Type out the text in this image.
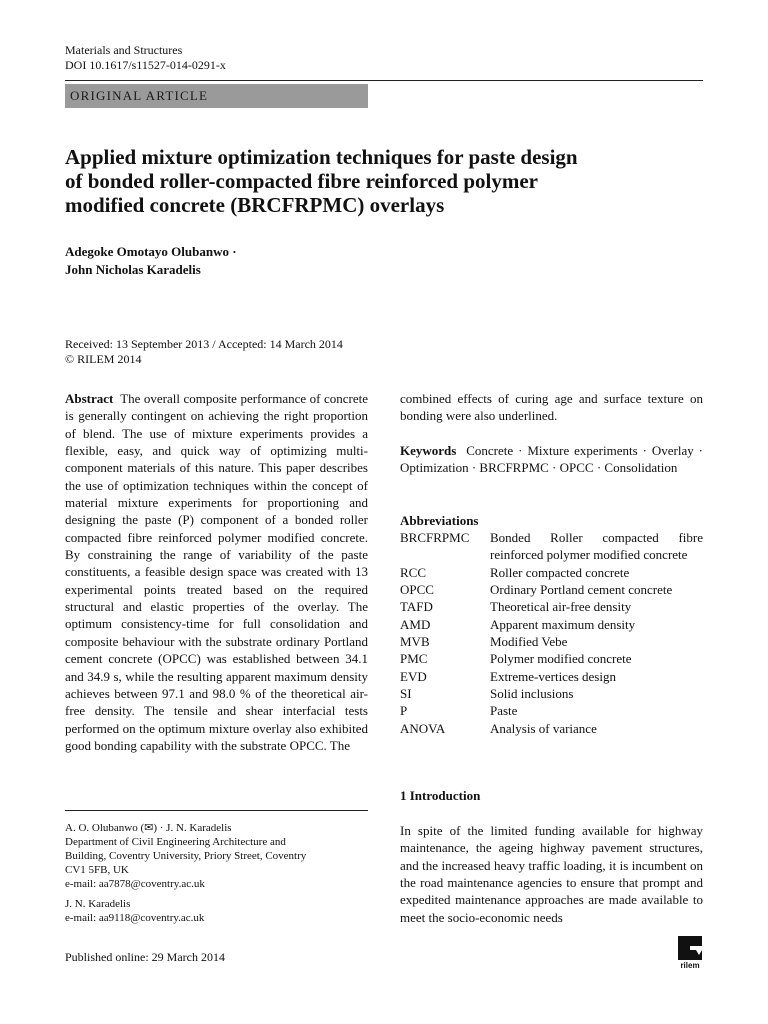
Materials and Structures
DOI 10.1617/s11527-014-0291-x
ORIGINAL ARTICLE
Applied mixture optimization techniques for paste design
of bonded roller-compacted fibre reinforced polymer
modified concrete (BRCFRPMC) overlays
Adegoke Omotayo Olubanwo ·
John Nicholas Karadelis
Received: 13 September 2013 / Accepted: 14 March 2014
© RILEM 2014
Abstract The overall composite performance of concrete is generally contingent on achieving the right proportion of blend. The use of mixture experiments provides a flexible, easy, and quick way of optimizing multi-component materials of this nature. This paper describes the use of optimization techniques within the concept of material mixture experiments for proportioning and designing the paste (P) component of a bonded roller compacted fibre reinforced polymer modified concrete. By constraining the range of variability of the paste constituents, a feasible design space was created with 13 experimental points treated based on the required structural and elastic properties of the overlay. The optimum consistency-time for full consolidation and composite behaviour with the substrate ordinary Portland cement concrete (OPCC) was established between 34.1 and 34.9 s, while the resulting apparent maximum density achieves between 97.1 and 98.0 % of the theoretical air-free density. The tensile and shear interfacial tests performed on the optimum mixture overlay also exhibited good bonding capability with the substrate OPCC. The
combined effects of curing age and surface texture on bonding were also underlined.
Keywords Concrete · Mixture experiments · Overlay · Optimization · BRCFRPMC · OPCC · Consolidation
Abbreviations
BRCFRPMC	Bonded Roller compacted fibre reinforced polymer modified concrete
RCC	Roller compacted concrete
OPCC	Ordinary Portland cement concrete
TAFD	Theoretical air-free density
AMD	Apparent maximum density
MVB	Modified Vebe
PMC	Polymer modified concrete
EVD	Extreme-vertices design
SI	Solid inclusions
P	Paste
ANOVA	Analysis of variance
1 Introduction
In spite of the limited funding available for highway maintenance, the ageing highway pavement structures, and the increased heavy traffic loading, it is incumbent on the road maintenance agencies to ensure that prompt and expedited maintenance approaches are made available to meet the socio-economic needs

A. O. Olubanwo (✉) · J. N. Karadelis

Department of Civil Engineering Architecture and

Building, Coventry University, Priory Street, Coventry

CV1 5FB, UK

e-mail: aa7878@coventry.ac.uk

J. N. Karadelis

e-mail: aa9118@coventry.ac.uk

Published online: 29 March 2014
rilem
